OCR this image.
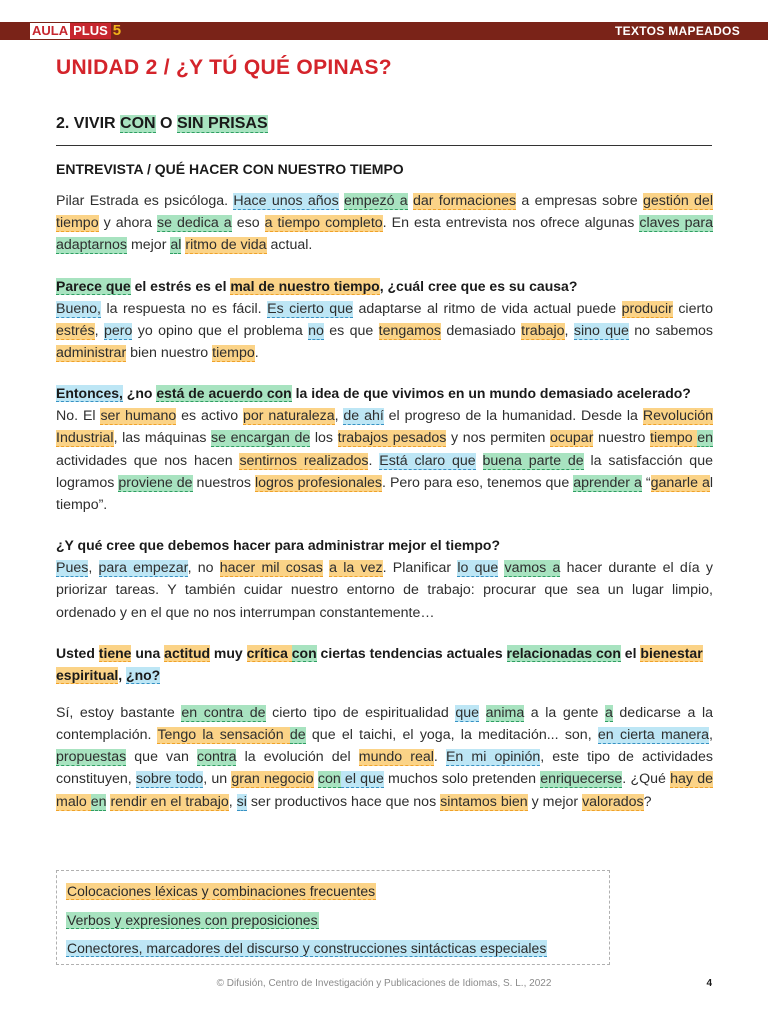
AULA PLUS 5	TEXTOS MAPEADOS
UNIDAD 2 / ¿Y TÚ QUÉ OPINAS?
2. VIVIR CON O SIN PRISAS
ENTREVISTA / QUÉ HACER CON NUESTRO TIEMPO

Pilar Estrada es psicóloga. Hace unos años empezó a dar formaciones a empresas sobre gestión del tiempo y ahora se dedica a eso a tiempo completo. En esta entrevista nos ofrece algunas claves para adaptarnos mejor al ritmo de vida actual.

Parece que el estrés es el mal de nuestro tiempo, ¿cuál cree que es su causa?

Bueno, la respuesta no es fácil. Es cierto que adaptarse al ritmo de vida actual puede producir cierto estrés, pero yo opino que el problema no es que tengamos demasiado trabajo, sino que no sabemos administrar bien nuestro tiempo.

Entonces, ¿no está de acuerdo con la idea de que vivimos en un mundo demasiado acelerado?

No. El ser humano es activo por naturaleza, de ahí el progreso de la humanidad. Desde la Revolución Industrial, las máquinas se encargan de los trabajos pesados y nos permiten ocupar nuestro tiempo en actividades que nos hacen sentirnos realizados. Está claro que buena parte de la satisfacción que logramos proviene de nuestros logros profesionales. Pero para eso, tenemos que aprender a “ganarle al tiempo”.

¿Y qué cree que debemos hacer para administrar mejor el tiempo?

Pues, para empezar, no hacer mil cosas a la vez. Planificar lo que vamos a hacer durante el día y priorizar tareas. Y también cuidar nuestro entorno de trabajo: procurar que sea un lugar limpio, ordenado y en el que no nos interrumpan constantemente…

Usted tiene una actitud muy crítica con ciertas tendencias actuales relacionadas con el bienestar espiritual, ¿no?

Sí, estoy bastante en contra de cierto tipo de espiritualidad que anima a la gente a dedicarse a la contemplación. Tengo la sensación de que el taichi, el yoga, la meditación... son, en cierta manera, propuestas que van contra la evolución del mundo real. En mi opinión, este tipo de actividades constituyen, sobre todo, un gran negocio con el que muchos solo pretenden enriquecerse. ¿Qué hay de malo en rendir en el trabajo, si ser productivos hace que nos sintamos bien y mejor valorados?

Colocaciones léxicas y combinaciones frecuentes
Verbos y expresiones con preposiciones
Conectores, marcadores del discurso y construcciones sintácticas especiales
© Difusión, Centro de Investigación y Publicaciones de Idiomas, S. L., 2022	4
